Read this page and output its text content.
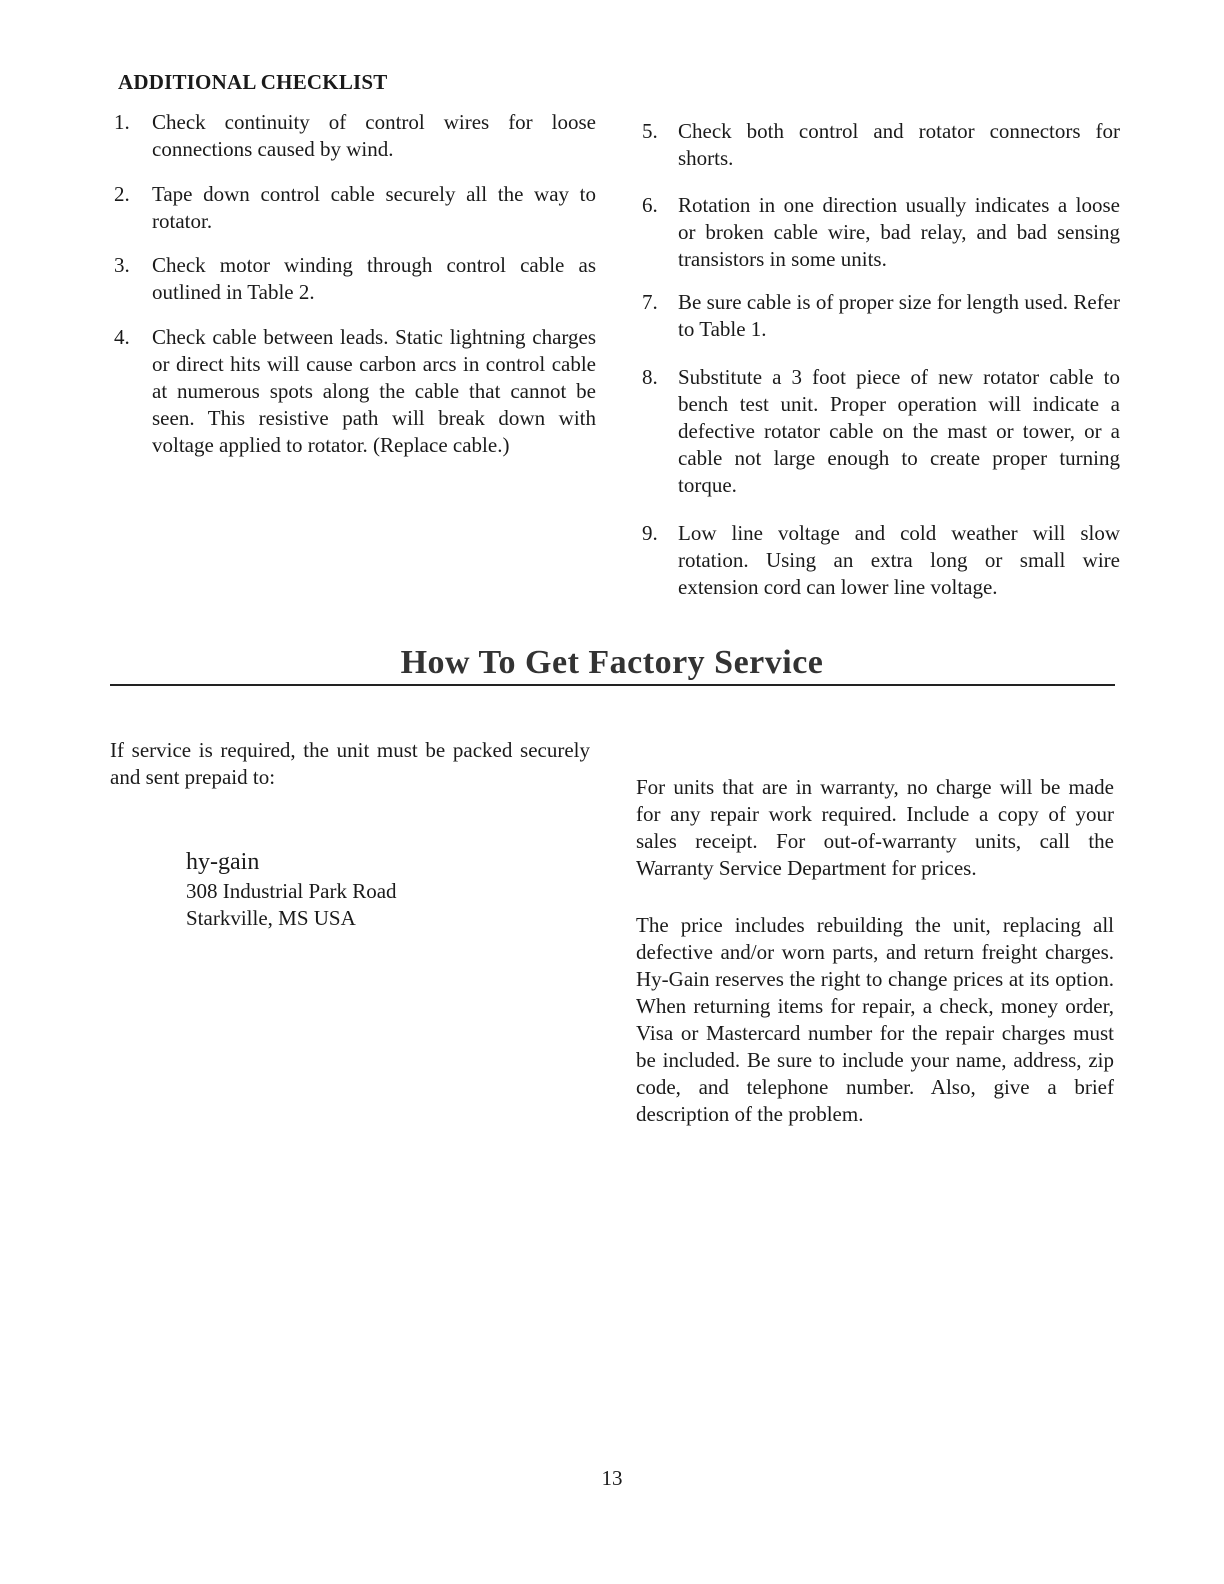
ADDITIONAL CHECKLIST
1. Check continuity of control wires for loose connections caused by wind.
2. Tape down control cable securely all the way to rotator.
3. Check motor winding through control cable as outlined in Table 2.
4. Check cable between leads. Static lightning charges or direct hits will cause carbon arcs in control cable at numerous spots along the cable that cannot be seen. This resistive path will break down with voltage applied to rotator. (Replace cable.)
5. Check both control and rotator connectors for shorts.
6. Rotation in one direction usually indicates a loose or broken cable wire, bad relay, and bad sensing transistors in some units.
7. Be sure cable is of proper size for length used. Refer to Table 1.
8. Substitute a 3 foot piece of new rotator cable to bench test unit. Proper operation will indicate a defective rotator cable on the mast or tower, or a cable not large enough to create proper turning torque.
9. Low line voltage and cold weather will slow rotation. Using an extra long or small wire extension cord can lower line voltage.
How To Get Factory Service
If service is required, the unit must be packed securely and sent prepaid to:
hy-gain
308 Industrial Park Road
Starkville, MS USA
For units that are in warranty, no charge will be made for any repair work required. Include a copy of your sales receipt. For out-of-warranty units, call the Warranty Service Department for prices.
The price includes rebuilding the unit, replacing all defective and/or worn parts, and return freight charges. Hy-Gain reserves the right to change prices at its option. When returning items for repair, a check, money order, Visa or Mastercard number for the repair charges must be included. Be sure to include your name, address, zip code, and telephone number. Also, give a brief description of the problem.
13
